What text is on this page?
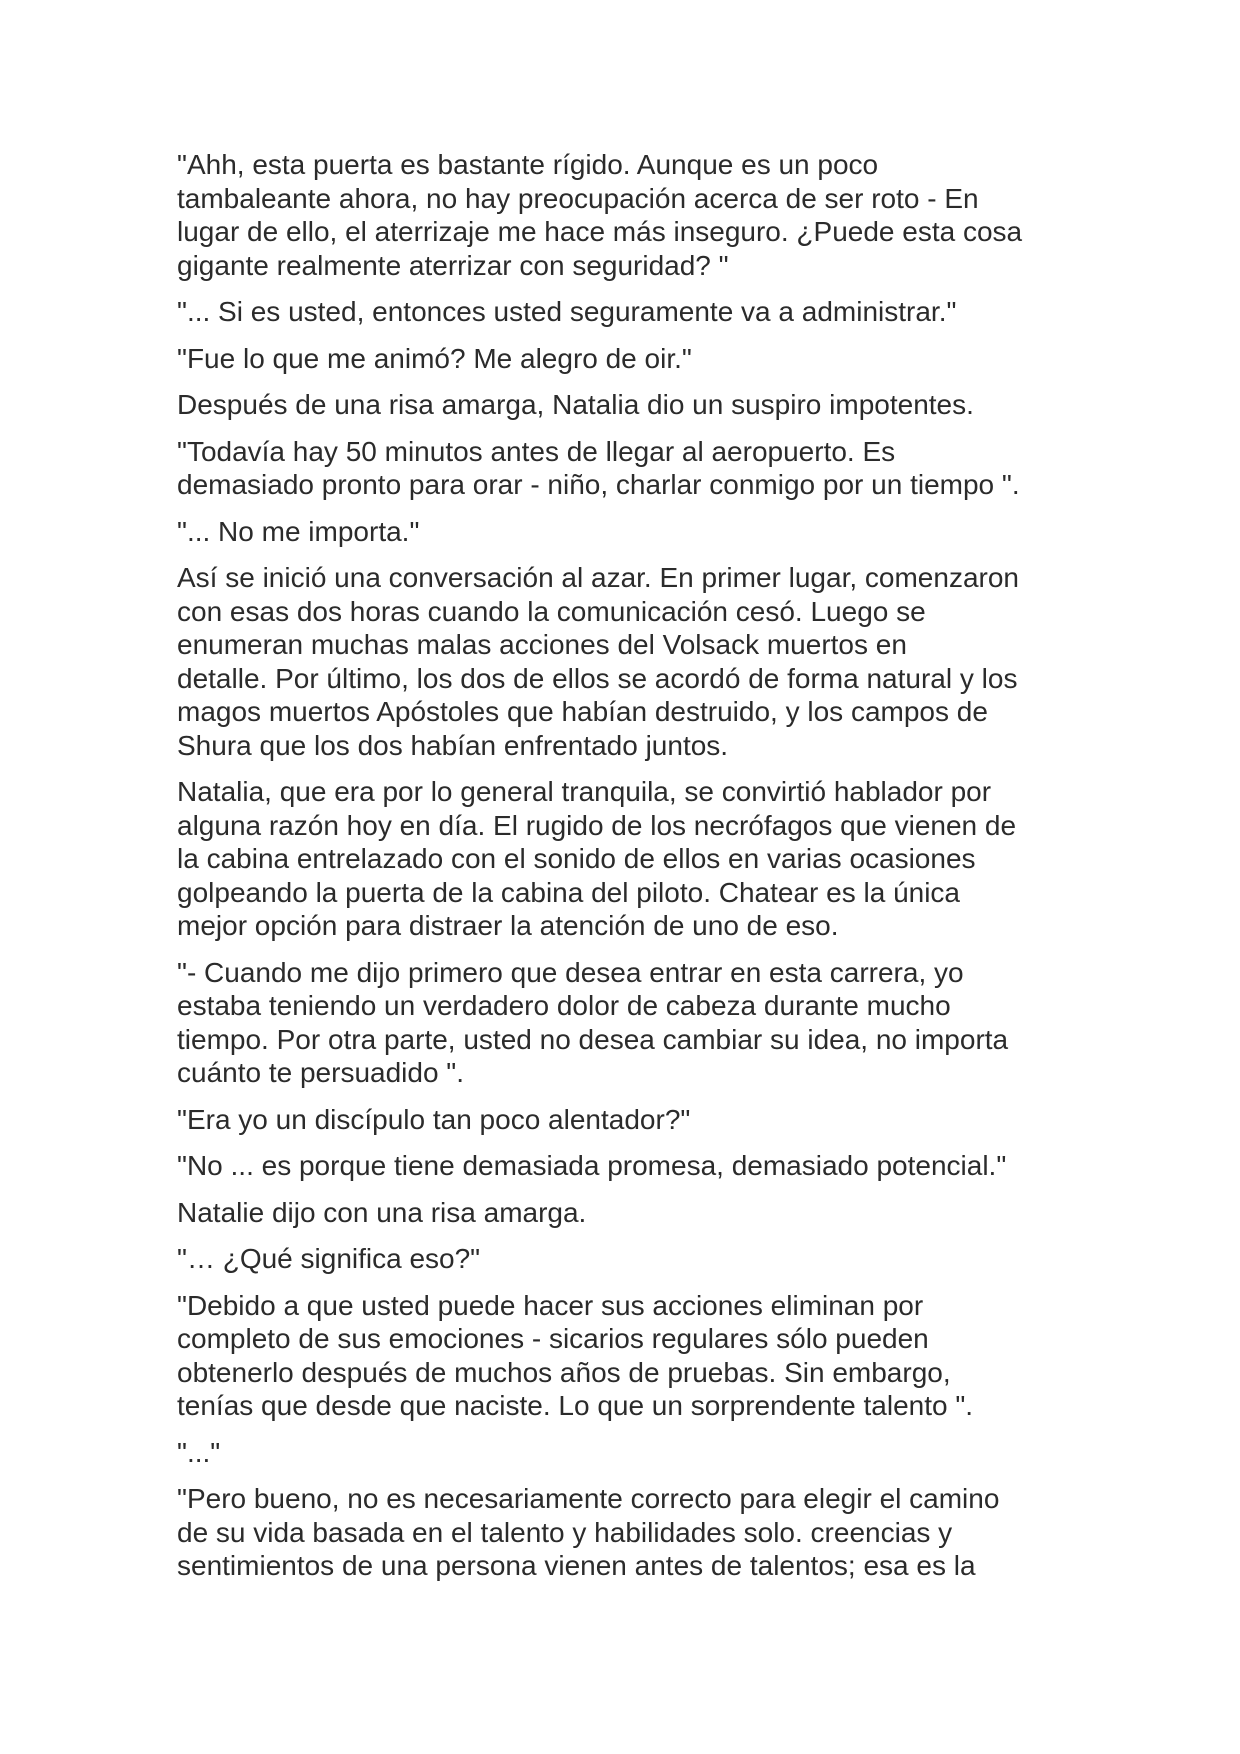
"Ahh, esta puerta es bastante rígido. Aunque es un poco
tambaleante ahora, no hay preocupación acerca de ser roto - En
lugar de ello, el aterrizaje me hace más inseguro. ¿Puede esta cosa
gigante realmente aterrizar con seguridad? "

"... Si es usted, entonces usted seguramente va a administrar."

"Fue lo que me animó? Me alegro de oir."

Después de una risa amarga, Natalia dio un suspiro impotentes.

"Todavía hay 50 minutos antes de llegar al aeropuerto. Es
demasiado pronto para orar - niño, charlar conmigo por un tiempo ".

"... No me importa."

Así se inició una conversación al azar. En primer lugar, comenzaron
con esas dos horas cuando la comunicación cesó. Luego se
enumeran muchas malas acciones del Volsack muertos en
detalle. Por último, los dos de ellos se acordó de forma natural y los
magos muertos Apóstoles que habían destruido, y los campos de
Shura que los dos habían enfrentado juntos.

Natalia, que era por lo general tranquila, se convirtió hablador por
alguna razón hoy en día. El rugido de los necrófagos que vienen de
la cabina entrelazado con el sonido de ellos en varias ocasiones
golpeando la puerta de la cabina del piloto. Chatear es la única
mejor opción para distraer la atención de uno de eso.

"- Cuando me dijo primero que desea entrar en esta carrera, yo
estaba teniendo un verdadero dolor de cabeza durante mucho
tiempo. Por otra parte, usted no desea cambiar su idea, no importa
cuánto te persuadido ".

"Era yo un discípulo tan poco alentador?"

"No ... es porque tiene demasiada promesa, demasiado potencial."

Natalie dijo con una risa amarga.

"… ¿Qué significa eso?"

"Debido a que usted puede hacer sus acciones eliminan por
completo de sus emociones - sicarios regulares sólo pueden
obtenerlo después de muchos años de pruebas. Sin embargo,
tenías que desde que naciste. Lo que un sorprendente talento ".

"..."

"Pero bueno, no es necesariamente correcto para elegir el camino
de su vida basada en el talento y habilidades solo. creencias y
sentimientos de una persona vienen antes de talentos; esa es la
